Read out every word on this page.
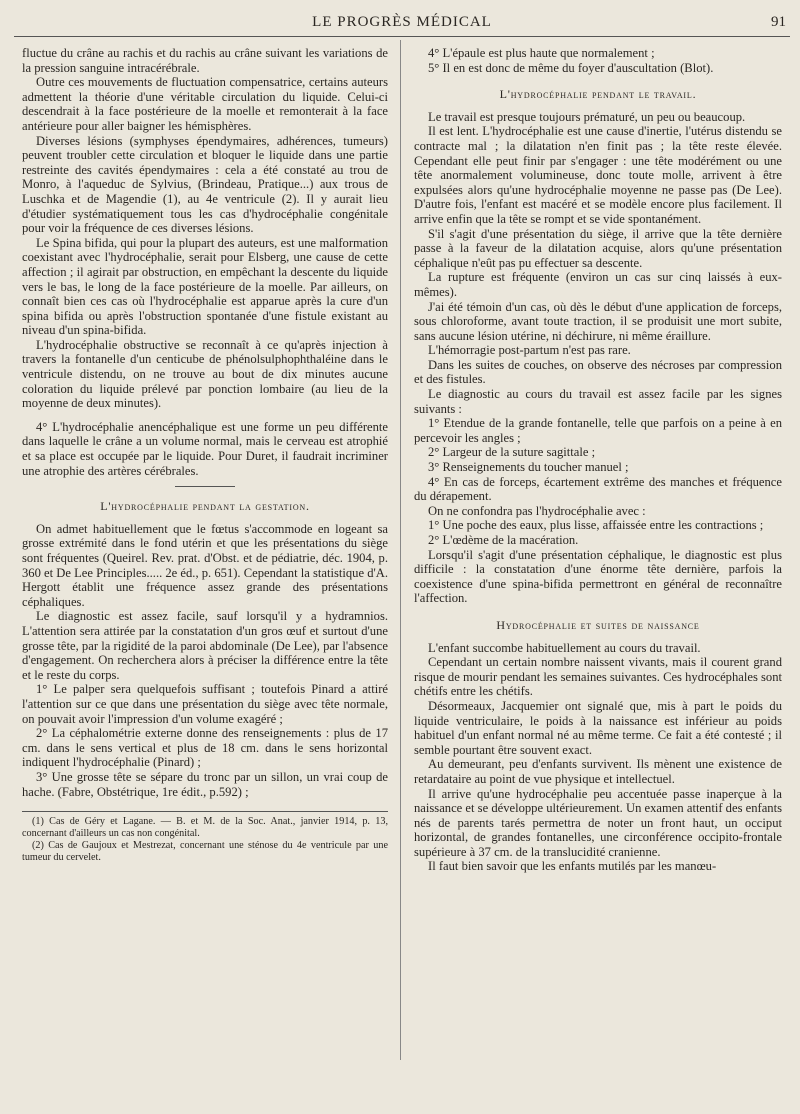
LE PROGRÈS MÉDICAL	91

fluctue du crâne au rachis et du rachis au crâne suivant les variations de la pression sanguine intracérébrale.

Outre ces mouvements de fluctuation compensatrice, certains auteurs admettent la théorie d'une véritable circulation du liquide. Celui-ci descendrait à la face postérieure de la moelle et remonterait à la face antérieure pour aller baigner les hémisphères.

Diverses lésions (symphyses épendymaires, adhérences, tumeurs) peuvent troubler cette circulation et bloquer le liquide dans une partie restreinte des cavités épendymaires : cela a été constaté au trou de Monro, à l'aqueduc de Sylvius, (Brindeau, Pratique...) aux trous de Luschka et de Magendie (1), au 4e ventricule (2). Il y aurait lieu d'étudier systématiquement tous les cas d'hydrocéphalie congénitale pour voir la fréquence de ces diverses lésions.

Le Spina bifida, qui pour la plupart des auteurs, est une malformation coexistant avec l'hydrocéphalie, serait pour Elsberg, une cause de cette affection ; il agirait par obstruction, en empêchant la descente du liquide vers le bas, le long de la face postérieure de la moelle. Par ailleurs, on connaît bien ces cas où l'hydrocéphalie est apparue après la cure d'un spina bifida ou après l'obstruction spontanée d'une fistule existant au niveau d'un spina-bifida.

L'hydrocéphalie obstructive se reconnaît à ce qu'après injection à travers la fontanelle d'un centicube de phénolsulphophthaléine dans le ventricule distendu, on ne trouve au bout de dix minutes aucune coloration du liquide prélevé par ponction lombaire (au lieu de la moyenne de deux minutes).

4° L'hydrocéphalie anencéphalique est une forme un peu différente dans laquelle le crâne a un volume normal, mais le cerveau est atrophié et sa place est occupée par le liquide. Pour Duret, il faudrait incriminer une atrophie des artères cérébrales.

L'hydrocéphalie pendant la gestation.

On admet habituellement que le fœtus s'accommode en logeant sa grosse extrémité dans le fond utérin et que les présentations du siège sont fréquentes (Queirel. Rev. prat. d'Obst. et de pédiatrie, déc. 1904, p. 360 et De Lee Principles..... 2e éd., p. 651). Cependant la statistique d'A. Hergott établit une fréquence assez grande des présentations céphaliques.

Le diagnostic est assez facile, sauf lorsqu'il y a hydramnios. L'attention sera attirée par la constatation d'un gros œuf et surtout d'une grosse tête, par la rigidité de la paroi abdominale (De Lee), par l'absence d'engagement. On recherchera alors à préciser la différence entre la tête et le reste du corps.

1° Le palper sera quelquefois suffisant ; toutefois Pinard a attiré l'attention sur ce que dans une présentation du siège avec tête normale, on pouvait avoir l'impression d'un volume exagéré ;

2° La céphalométrie externe donne des renseignements : plus de 17 cm. dans le sens vertical et plus de 18 cm. dans le sens horizontal indiquent l'hydrocéphalie (Pinard) ;

3° Une grosse tête se sépare du tronc par un sillon, un vrai coup de hache. (Fabre, Obstétrique, 1re édit., p.592) ;

(1) Cas de Géry et Lagane. — B. et M. de la Soc. Anat., janvier 1914, p. 13, concernant d'ailleurs un cas non congénital.

(2) Cas de Gaujoux et Mestrezat, concernant une sténose du 4e ventricule par une tumeur du cervelet.

4° L'épaule est plus haute que normalement ;

5° Il en est donc de même du foyer d'auscultation (Blot).

L'hydrocéphalie pendant le travail.

Le travail est presque toujours prématuré, un peu ou beaucoup.

Il est lent. L'hydrocéphalie est une cause d'inertie, l'utérus distendu se contracte mal ; la dilatation n'en finit pas ; la tête reste élevée. Cependant elle peut finir par s'engager : une tête modérément ou une tête anormalement volumineuse, donc toute molle, arrivent à être expulsées alors qu'une hydrocéphalie moyenne ne passe pas (De Lee). D'autre fois, l'enfant est macéré et se modèle encore plus facilement. Il arrive enfin que la tête se rompt et se vide spontanément.

S'il s'agit d'une présentation du siège, il arrive que la tête dernière passe à la faveur de la dilatation acquise, alors qu'une présentation céphalique n'eût pas pu effectuer sa descente.

La rupture est fréquente (environ un cas sur cinq laissés à eux-mêmes).

J'ai été témoin d'un cas, où dès le début d'une application de forceps, sous chloroforme, avant toute traction, il se produisit une mort subite, sans aucune lésion utérine, ni déchirure, ni même éraillure.

L'hémorragie post-partum n'est pas rare.

Dans les suites de couches, on observe des nécroses par compression et des fistules.

Le diagnostic au cours du travail est assez facile par les signes suivants :

1° Etendue de la grande fontanelle, telle que parfois on a peine à en percevoir les angles ;

2° Largeur de la suture sagittale ;

3° Renseignements du toucher manuel ;

4° En cas de forceps, écartement extrême des manches et fréquence du dérapement.

On ne confondra pas l'hydrocéphalie avec :

1° Une poche des eaux, plus lisse, affaissée entre les contractions ;

2° L'œdème de la macération.

Lorsqu'il s'agit d'une présentation céphalique, le diagnostic est plus difficile : la constatation d'une énorme tête dernière, parfois la coexistence d'une spina-bifida permettront en général de reconnaître l'affection.

Hydrocéphalie et suites de naissance

L'enfant succombe habituellement au cours du travail.

Cependant un certain nombre naissent vivants, mais il courent grand risque de mourir pendant les semaines suivantes. Ces hydrocéphales sont chétifs entre les chétifs.

Désormeaux, Jacquemier ont signalé que, mis à part le poids du liquide ventriculaire, le poids à la naissance est inférieur au poids habituel d'un enfant normal né au même terme. Ce fait a été contesté ; il semble pourtant être souvent exact.

Au demeurant, peu d'enfants survivent. Ils mènent une existence de retardataire au point de vue physique et intellectuel.

Il arrive qu'une hydrocéphalie peu accentuée passe inaperçue à la naissance et se développe ultérieurement. Un examen attentif des enfants nés de parents tarés permettra de noter un front haut, un occiput horizontal, de grandes fontanelles, une circonférence occipito-frontale supérieure à 37 cm. de la translucidité cranienne.

Il faut bien savoir que les enfants mutilés par les manœu-
